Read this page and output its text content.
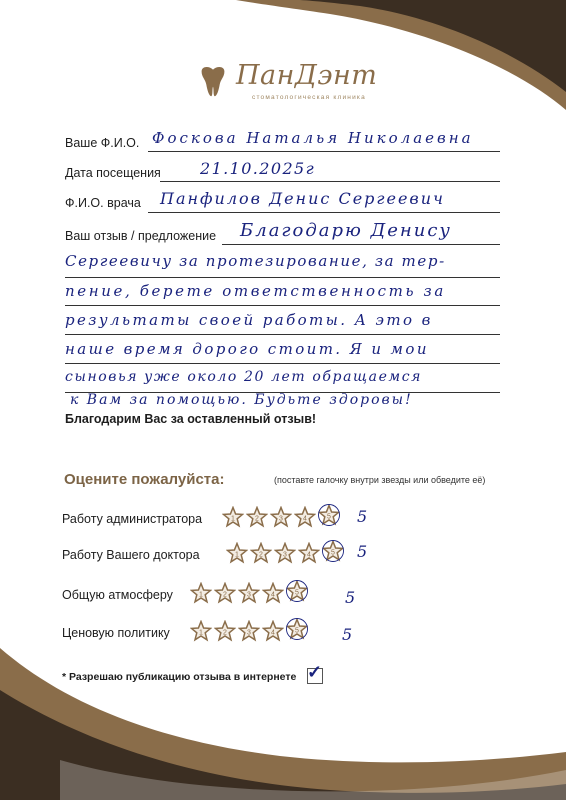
ПанДэнт
стоматологическая клиника
Ваше Ф.И.О. Фоскова Наталья Николаевна
Дата посещения 21.10.2025г
Ф.И.О. врача Панфилов Денис Сергеевич
Ваш отзыв / предложение Благодарю Денису
Сергеевичу за протезирование, за тер-
пение, берете ответственность за
результаты своей работы. А это в
наше время дорого стоит. Я и мои
сыновья уже около 20 лет обращаемся
к Вам за помощью. Будьте здоровы!
Благодарим Вас за оставленный отзыв!
Оцените пожалуйста:	(поставте галочку внутри звезды или обведите её)
Работу администратора	1	2	3	4	5 5
Работу Вашего доктора	1	2	3	4	5 5
Общую атмосферу	1	2	3	4	5	5
Ценовую политику	1	2	3	4	5	5
* Разрешаю публикацию отзыва в интернете ✓
